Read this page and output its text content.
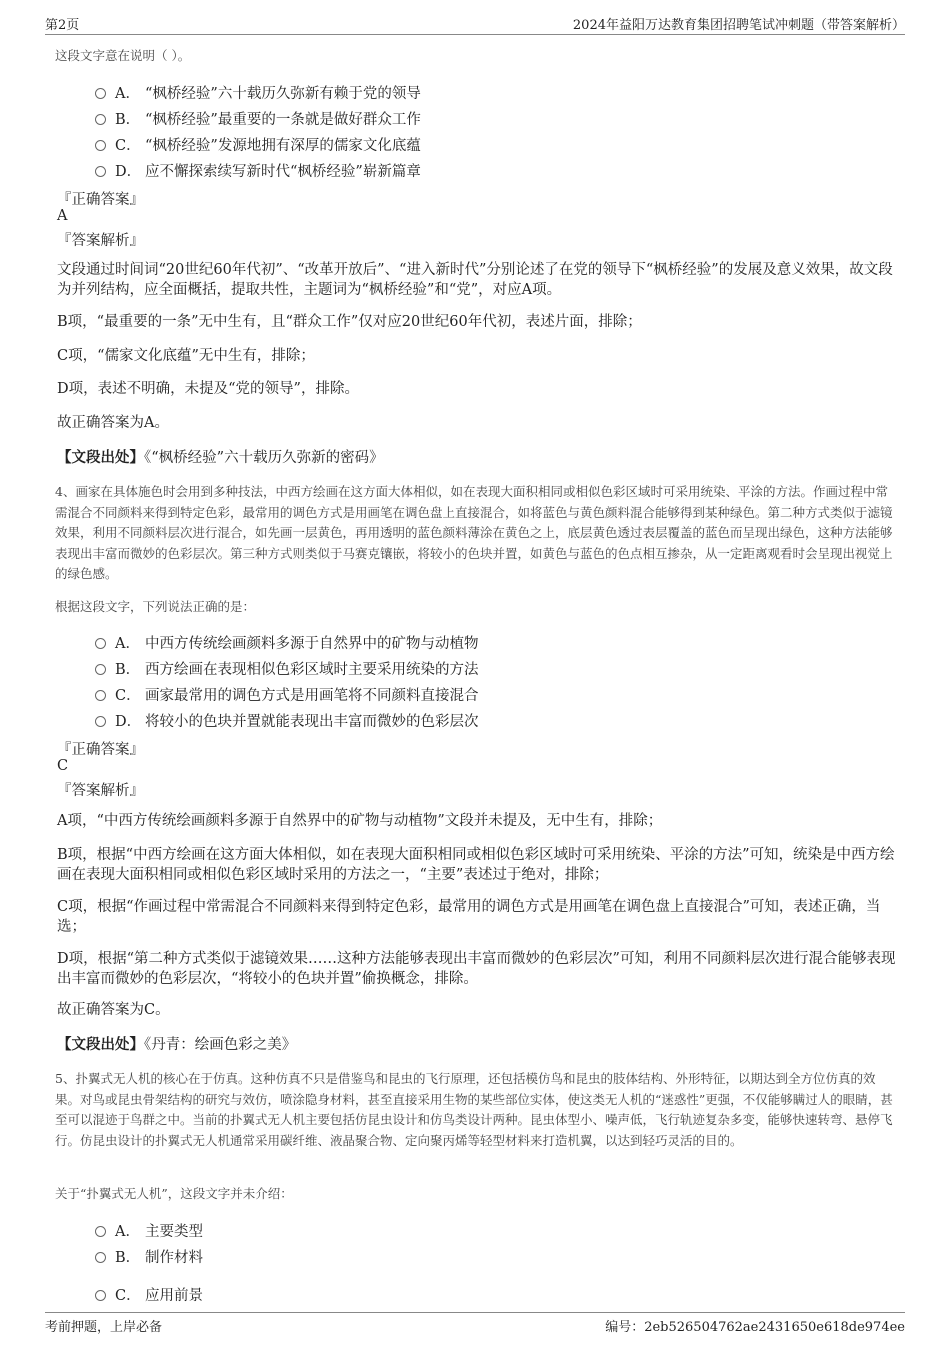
第2页	2024年益阳万达教育集团招聘笔试冲刺题（带答案解析）
这段文字意在说明（ ）。
A． “枫桥经验”六十载历久弥新有赖于党的领导
B． “枫桥经验”最重要的一条就是做好群众工作
C． “枫桥经验”发源地拥有深厚的儒家文化底蕴
D． 应不懈探索续写新时代“枫桥经验”崭新篇章
『正确答案』
A
『答案解析』
文段通过时间词“20世纪60年代初”、“改革开放后”、“进入新时代”分别论述了在党的领导下“枫桥经验”的发展及意义效果，故文段为并列结构，应全面概括，提取共性，主题词为“枫桥经验”和“党”，对应A项。
B项，“最重要的一条”无中生有，且“群众工作”仅对应20世纪60年代初，表述片面，排除；
C项，“儒家文化底蕴”无中生有，排除；
D项，表述不明确，未提及“党的领导”，排除。
故正确答案为A。
【文段出处】《“枫桥经验”六十载历久弥新的密码》
4、画家在具体施色时会用到多种技法，中西方绘画在这方面大体相似，如在表现大面积相同或相似色彩区域时可采用统染、平涂的方法。作画过程中常需混合不同颜料来得到特定色彩，最常用的调色方式是用画笔在调色盘上直接混合，如将蓝色与黄色颜料混合能够得到某种绿色。第二种方式类似于滤镜效果，利用不同颜料层次进行混合，如先画一层黄色，再用透明的蓝色颜料薄涂在黄色之上，底层黄色透过表层覆盖的蓝色而呈现出绿色，这种方法能够表现出丰富而微妙的色彩层次。第三种方式则类似于马赛克镶嵌，将较小的色块并置，如黄色与蓝色的色点相互掺杂，从一定距离观看时会呈现出视觉上的绿色感。
根据这段文字，下列说法正确的是：
A． 中西方传统绘画颜料多源于自然界中的矿物与动植物
B． 西方绘画在表现相似色彩区域时主要采用统染的方法
C． 画家最常用的调色方式是用画笔将不同颜料直接混合
D． 将较小的色块并置就能表现出丰富而微妙的色彩层次
『正确答案』
C
『答案解析』
A项，“中西方传统绘画颜料多源于自然界中的矿物与动植物”文段并未提及，无中生有，排除；
B项，根据“中西方绘画在这方面大体相似，如在表现大面积相同或相似色彩区域时可采用统染、平涂的方法”可知，统染是中西方绘画在表现大面积相同或相似色彩区域时采用的方法之一，“主要”表述过于绝对，排除；
C项，根据“作画过程中常需混合不同颜料来得到特定色彩，最常用的调色方式是用画笔在调色盘上直接混合”可知，表述正确，当选；
D项，根据“第二种方式类似于滤镜效果……这种方法能够表现出丰富而微妙的色彩层次”可知，利用不同颜料层次进行混合能够表现出丰富而微妙的色彩层次，“将较小的色块并置”偷换概念，排除。
故正确答案为C。
【文段出处】《丹青：绘画色彩之美》
5、扑翼式无人机的核心在于仿真。这种仿真不只是借鉴鸟和昆虫的飞行原理，还包括模仿鸟和昆虫的肢体结构、外形特征，以期达到全方位仿真的效果。对鸟或昆虫骨架结构的研究与效仿，喷涂隐身材料，甚至直接采用生物的某些部位实体，使这类无人机的“迷惑性”更强，不仅能够瞒过人的眼睛，甚至可以混迹于鸟群之中。当前的扑翼式无人机主要包括仿昆虫设计和仿鸟类设计两种。昆虫体型小、噪声低，飞行轨迹复杂多变，能够快速转弯、悬停飞行。仿昆虫设计的扑翼式无人机通常采用碳纤维、液晶聚合物、定向聚丙烯等轻型材料来打造机翼，以达到轻巧灵活的目的。
关于“扑翼式无人机”，这段文字并未介绍：
A． 主要类型
B． 制作材料
C． 应用前景
考前押题，上岸必备	编号：2eb526504762ae2431650e618de974ee
